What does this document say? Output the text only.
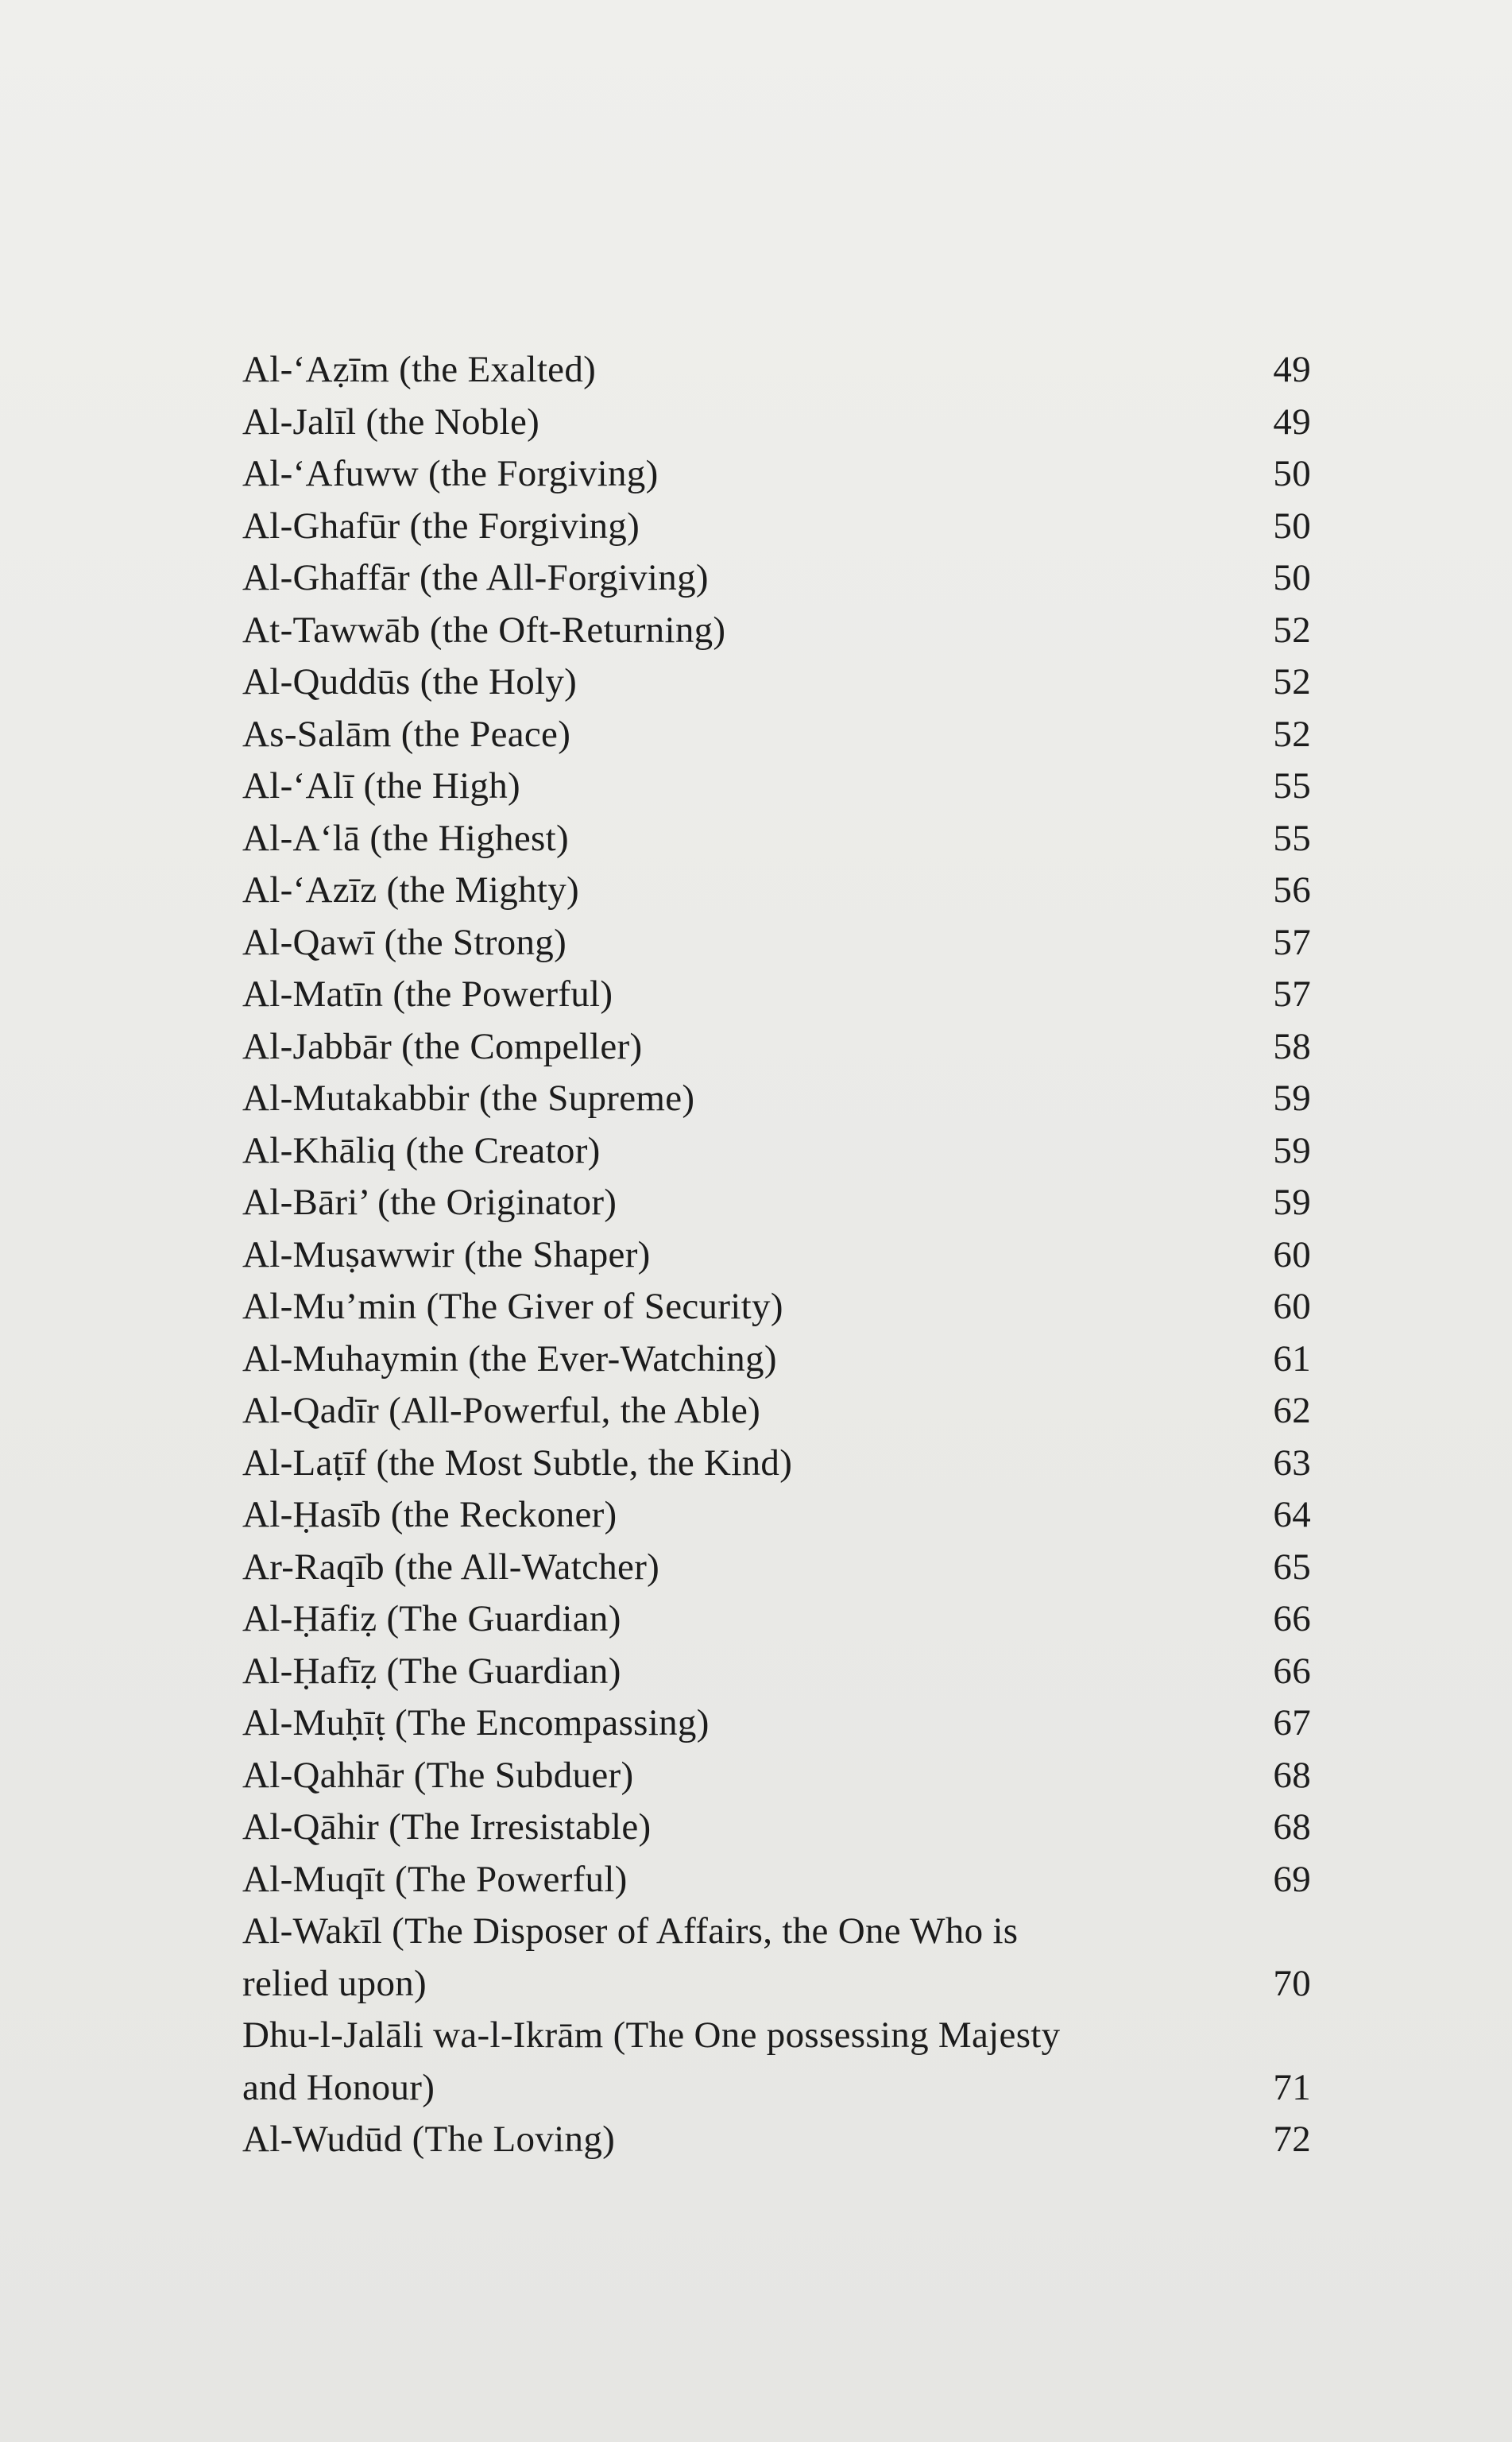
Al-‘Aẓīm (the Exalted)	49
Al-Jalīl (the Noble)	49
Al-‘Afuww (the Forgiving)	50
Al-Ghafūr (the Forgiving)	50
Al-Ghaffār (the All-Forgiving)	50
At-Tawwāb (the Oft-Returning)	52
Al-Quddūs (the Holy)	52
As-Salām (the Peace)	52
Al-‘Alī (the High)	55
Al-A‘lā (the Highest)	55
Al-‘Azīz (the Mighty)	56
Al-Qawī (the Strong)	57
Al-Matīn (the Powerful)	57
Al-Jabbār (the Compeller)	58
Al-Mutakabbir (the Supreme)	59
Al-Khāliq (the Creator)	59
Al-Bāri’ (the Originator)	59
Al-Muṣawwir (the Shaper)	60
Al-Mu’min (The Giver of Security)	60
Al-Muhaymin (the Ever-Watching)	61
Al-Qadīr (All-Powerful, the Able)	62
Al-Laṭīf (the Most Subtle, the Kind)	63
Al-Ḥasīb (the Reckoner)	64
Ar-Raqīb (the All-Watcher)	65
Al-Ḥāfiẓ (The Guardian)	66
Al-Ḥafīẓ (The Guardian)	66
Al-Muḥīṭ (The Encompassing)	67
Al-Qahhār (The Subduer)	68
Al-Qāhir (The Irresistable)	68
Al-Muqīt (The Powerful)	69
Al-Wakīl (The Disposer of Affairs, the One Who is
relied upon)	70
Dhu-l-Jalāli wa-l-Ikrām (The One possessing Majesty
and Honour)	71
Al-Wudūd (The Loving)	72
